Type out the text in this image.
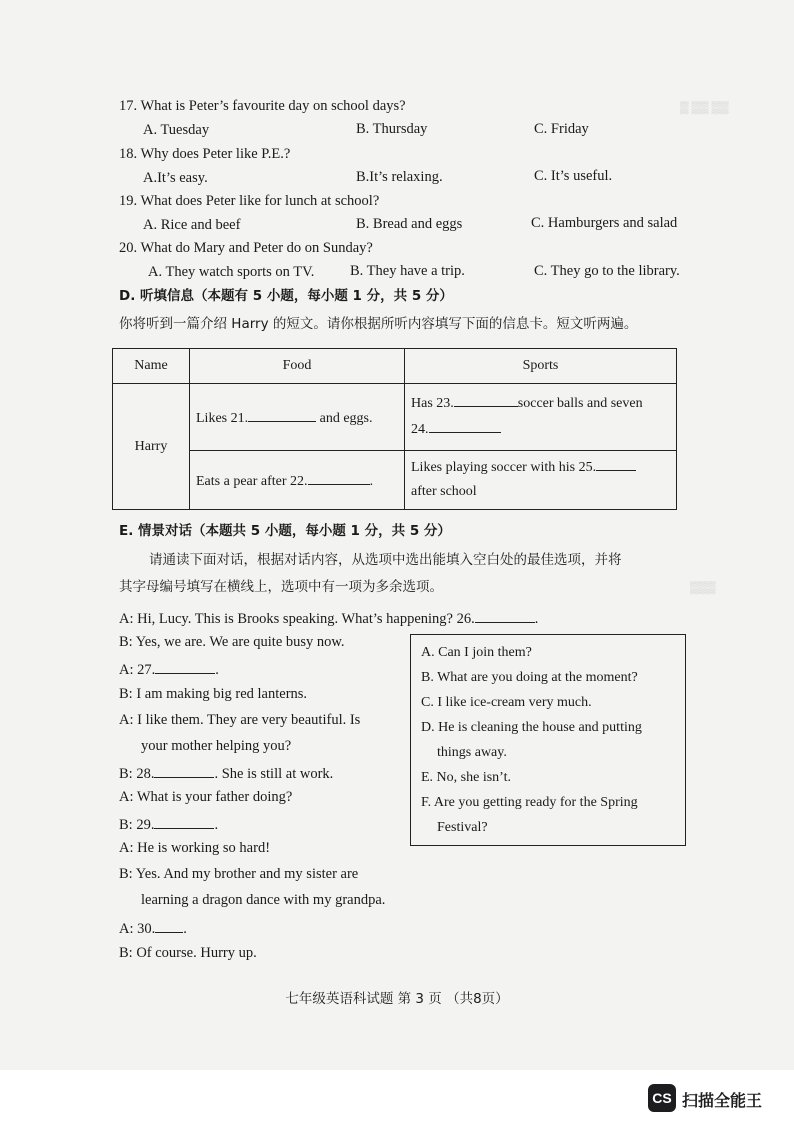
▒ ▒▒ ▒▒
▒▒▒
17. What is Peter’s favourite day on school days?
A. Tuesday	B. Thursday	C. Friday
18. Why does Peter like P.E.?
A.It’s easy.	B.It’s relaxing.	C. It’s useful.
19. What does Peter like for lunch at school?
A. Rice and beef	B. Bread and eggs	C. Hamburgers and salad
20. What do Mary and Peter do on Sunday?
A. They watch sports on TV. B. They have a trip.	C. They go to the library.
D. 听填信息（本题有 5 小题，每小题 1 分，共 5 分）
你将听到一篇介绍 Harry 的短文。请你根据所听内容填写下面的信息卡。短文听两遍。
Name	Food	Sports
Harry	Likes 21. and eggs.	Has 23. soccer balls and seven
24.
	Eats a pear after 22. .	Likes playing soccer with his 25.
after school
E. 情景对话（本题共 5 小题，每小题 1 分，共 5 分）
请通读下面对话，根据对话内容，从选项中选出能填入空白处的最佳选项，并将
其字母编号填写在横线上，选项中有一项为多余选项。
A: Hi, Lucy. This is Brooks speaking. What’s happening? 26.	.
B: Yes, we are. We are quite busy now.
A: 27.	.
B: I am making big red lanterns.
A: I like them. They are very beautiful. Is
your mother helping you?
B: 28.	. She is still at work.
A: What is your father doing?
B: 29.	.
A: He is working so hard!
B: Yes. And my brother and my sister are
learning a dragon dance with my grandpa.
A: 30. .
B: Of course. Hurry up.
A. Can I join them?
B. What are you doing at the moment?
C. I like ice-cream very much.
D. He is cleaning the house and putting
things away.
E. No, she isn’t.
F. Are you getting ready for the Spring
Festival?
七年级英语科试题 第 3 页 （共8页）
CS 扫描全能王
